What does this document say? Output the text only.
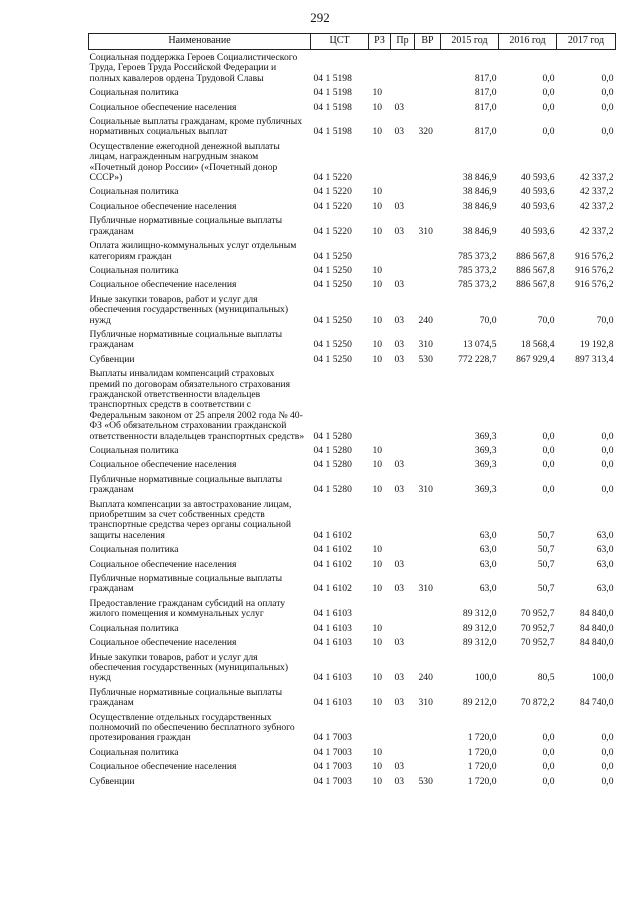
292
Наименование	ЦСТ	РЗ	Пр	ВР	2015 год	2016 год	2017 год
Социальная поддержка Героев Социалистического Труда, Героев Труда Российской Федерации и полных кавалеров ордена Трудовой Славы	04 1 5198				817,0	0,0	0,0
Социальная политика	04 1 5198	10			817,0	0,0	0,0
Социальное обеспечение населения	04 1 5198	10	03		817,0	0,0	0,0
Социальные выплаты гражданам, кроме публичных нормативных социальных выплат	04 1 5198	10	03	320	817,0	0,0	0,0
Осуществление ежегодной денежной выплаты лицам, награжденным нагрудным знаком «Почетный донор России» («Почетный донор СССР»)	04 1 5220				38 846,9	40 593,6	42 337,2
Социальная политика	04 1 5220	10			38 846,9	40 593,6	42 337,2
Социальное обеспечение населения	04 1 5220	10	03		38 846,9	40 593,6	42 337,2
Публичные нормативные социальные выплаты гражданам	04 1 5220	10	03	310	38 846,9	40 593,6	42 337,2
Оплата жилищно-коммунальных услуг отдельным категориям граждан	04 1 5250				785 373,2	886 567,8	916 576,2
Социальная политика	04 1 5250	10			785 373,2	886 567,8	916 576,2
Социальное обеспечение населения	04 1 5250	10	03		785 373,2	886 567,8	916 576,2
Иные закупки товаров, работ и услуг для обеспечения государственных (муниципальных) нужд	04 1 5250	10	03	240	70,0	70,0	70,0
Публичные нормативные социальные выплаты гражданам	04 1 5250	10	03	310	13 074,5	18 568,4	19 192,8
Субвенции	04 1 5250	10	03	530	772 228,7	867 929,4	897 313,4
Выплаты инвалидам компенсаций страховых премий по договорам обязательного страхования гражданской ответственности владельцев транспортных средств в соответствии с Федеральным законом от 25 апреля 2002 года № 40-ФЗ «Об обязательном страховании гражданской ответственности владельцев транспортных средств»	04 1 5280				369,3	0,0	0,0
Социальная политика	04 1 5280	10			369,3	0,0	0,0
Социальное обеспечение населения	04 1 5280	10	03		369,3	0,0	0,0
Публичные нормативные социальные выплаты гражданам	04 1 5280	10	03	310	369,3	0,0	0,0
Выплата компенсации за автострахование лицам, приобретшим за счет собственных средств транспортные средства через органы социальной защиты населения	04 1 6102				63,0	50,7	63,0
Социальная политика	04 1 6102	10			63,0	50,7	63,0
Социальное обеспечение населения	04 1 6102	10	03		63,0	50,7	63,0
Публичные нормативные социальные выплаты гражданам	04 1 6102	10	03	310	63,0	50,7	63,0
Предоставление гражданам субсидий на оплату жилого помещения и коммунальных услуг	04 1 6103				89 312,0	70 952,7	84 840,0
Социальная политика	04 1 6103	10			89 312,0	70 952,7	84 840,0
Социальное обеспечение населения	04 1 6103	10	03		89 312,0	70 952,7	84 840,0
Иные закупки товаров, работ и услуг для обеспечения государственных (муниципальных) нужд	04 1 6103	10	03	240	100,0	80,5	100,0
Публичные нормативные социальные выплаты гражданам	04 1 6103	10	03	310	89 212,0	70 872,2	84 740,0
Осуществление отдельных государственных полномочий по обеспечению бесплатного зубного протезирования граждан	04 1 7003				1 720,0	0,0	0,0
Социальная политика	04 1 7003	10			1 720,0	0,0	0,0
Социальное обеспечение населения	04 1 7003	10	03		1 720,0	0,0	0,0
Субвенции	04 1 7003	10	03	530	1 720,0	0,0	0,0
